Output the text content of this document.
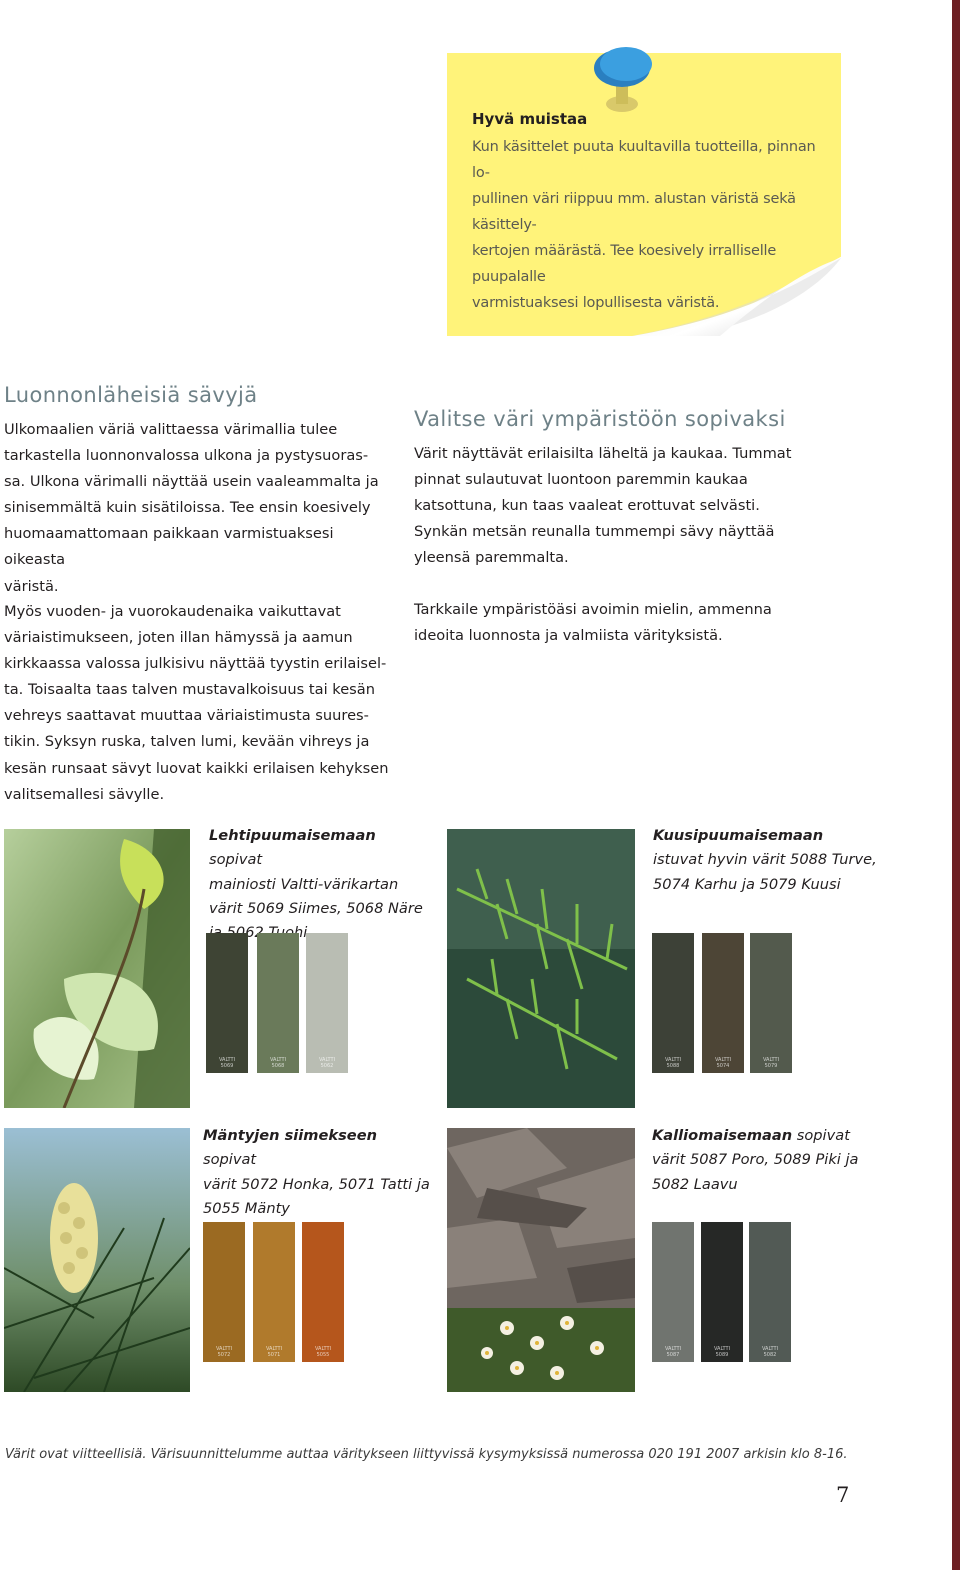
Hyvä muistaa
Kun käsittelet puuta kuultavilla tuotteilla, pinnan lo-
pullinen väri riippuu mm. alustan väristä sekä käsittely-
kertojen määrästä. Tee koesively irralliselle puupalalle
varmistuaksesi lopullisesta väristä.
Luonnonläheisiä sävyjä
Ulkomaalien väriä valittaessa värimallia tulee
tarkastella luonnonvalossa ulkona ja pystysuoras-
sa. Ulkona värimalli näyttää usein vaaleammalta ja
sinisemmältä kuin sisätiloissa. Tee ensin koesively
huomaamattomaan paikkaan varmistuaksesi oikeasta
väristä.
Myös vuoden- ja vuorokaudenaika vaikuttavat
väriaistimukseen, joten illan hämyssä ja aamun
kirkkaassa valossa julkisivu näyttää tyystin erilaisel-
ta. Toisaalta taas talven mustavalkoisuus tai kesän
vehreys saattavat muuttaa väriaistimusta suures-
tikin. Syksyn ruska, talven lumi, kevään vihreys ja
kesän runsaat sävyt luovat kaikki erilaisen kehyksen
valitsemallesi sävylle.
Valitse väri ympäristöön sopivaksi
Värit näyttävät erilaisilta läheltä ja kaukaa. Tummat
pinnat sulautuvat luontoon paremmin kaukaa
katsottuna, kun taas vaaleat erottuvat selvästi.
Synkän metsän reunalla tummempi sävy näyttää
yleensä paremmalta.
Tarkkaile ympäristöäsi avoimin mielin, ammenna
ideoita luonnosta ja valmiista värityksistä.
Lehtipuumaisemaan sopivat
mainiosti Valtti-värikartan
värit 5069 Siimes, 5068 Näre

VALTTI
5069
VALTTI
5068
VALTTI
5062
Kuusipuumaisemaan
istuvat hyvin värit 5088 Turve,
5074 Karhu ja 5079 Kuusi
VALTTI
5088
VALTTI
5074
VALTTI
5079
Mäntyjen siimekseen sopivat
värit 5072 Honka, 5071 Tatti ja
5055 Mänty
VALTTI
5072
VALTTI
5071
VALTTI
5055
Kalliomaisemaan sopivat
värit 5087 Poro, 5089 Piki ja
5082 Laavu
VALTTI
5087
VALTTI
5089
VALTTI
5082
Värit ovat viitteellisiä. Värisuunnittelumme auttaa väritykseen liittyvissä kysymyksissä numerossa 020 191 2007 arkisin klo 8-16.
7
